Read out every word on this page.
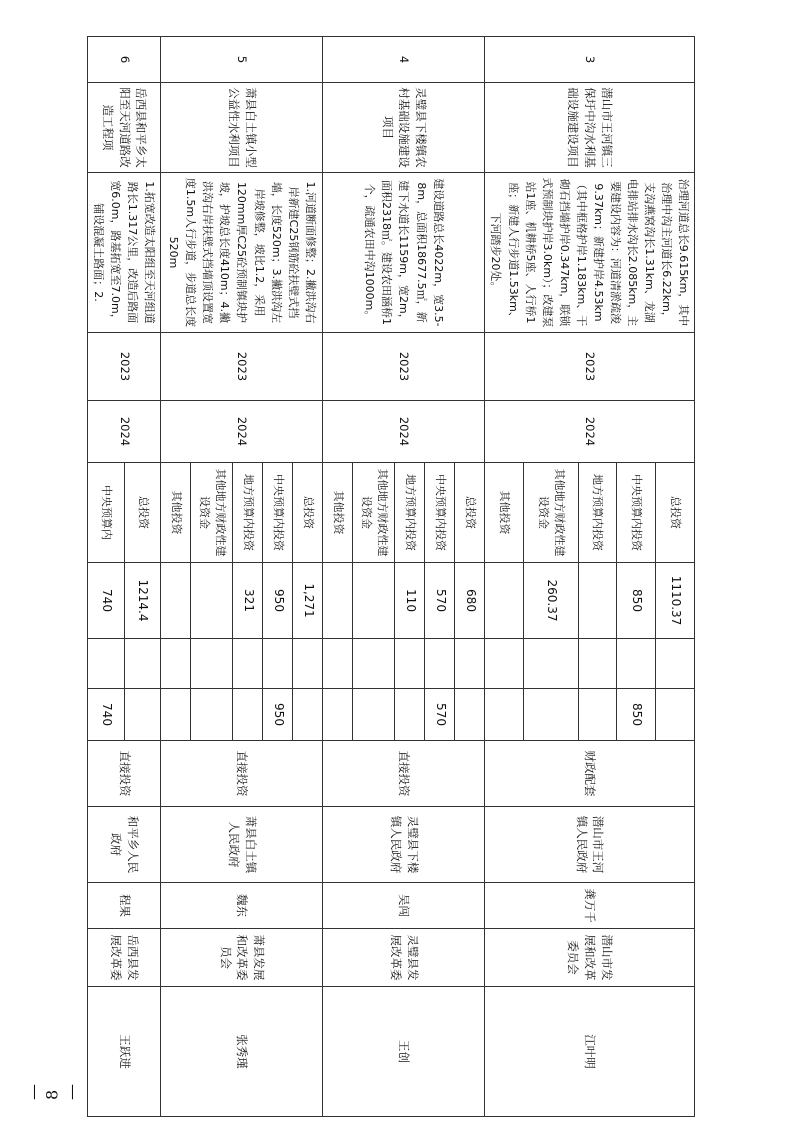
3	潜山市王河镇三保圩中沟水利基础设施建设项目	治理河道总长9.615km，其中治理中沟主河道长6.22km，支沟燕窝沟长1.31km、龙湖电排站排水沟长2.085km，主要建设内容为：河道清淤疏浚9.37km；新建护岸4.53km（其中框格护岸1.183km、干砌石挡墙护岸0.347km，联锁式预制块护岸3.0km）；改建泵站1座、机耕桥5座、人行桥1座；新建人行步道1.53km、下河踏步20处。	2023	2024	总投资	1110.37			财政配套	潜山市王河镇人民政府	龚万千	潜山市发展和改革委员会	江叶明
					中央预算内投资	850		850					
					地方预算内投资								
					其他地方财政性建设资金	260.37							
					其他投资								
4	灵璧县下楼镇农村基础设施建设项目	建设道路总长4022m，宽3.5-8m，总面积18677.5㎡，新建下水道长1159m，宽2m，面积2318㎡。建设农田涵桥1个，疏通农田中沟1000m。	2023	2024	总投资	680			直接投资	灵璧县下楼镇人民政府	吴闯	灵璧县发展改革委	王创
					中央预算内投资	570		570					
					地方预算内投资	110							
					其他地方财政性建设资金								
					其他投资								
5	萧县白土镇小型公益性水利项目	1.河道断面修整；2.撇洪沟右岸新建C25钢筋砼扶壁式挡墙，长度520m；3.撇洪沟左岸坡修整，坡比1.2，采用120mm厚C25砼预制镇块护坡，护坡总长度410m；4.撇洪沟右岸扶壁式挡墙顶设置宽度1.5m人行步道，步道总长度520m	2023	2024	总投资	1,271			直接投资	萧县白土镇人民政府	魏东	萧县发展和改革委员会	张秀瑾
					中央预算内投资	950		950					
					地方预算内投资	321							
					其他地方财政性建设资金								
					其他投资								
6	岳西县和平乡太阳至天河道路改造工程项	1.拓宽改造太阳组至天河组道路长1.317公里，改造后路面宽6.0m，路基拓宽至7.0m，铺设混凝土路面；2.	2023	2024	总投资	1214.4			直接投资	和平乡人民政府	程果	岳西县发展改革委	王跃进
					中央预算内	740		740					
— 8 —
